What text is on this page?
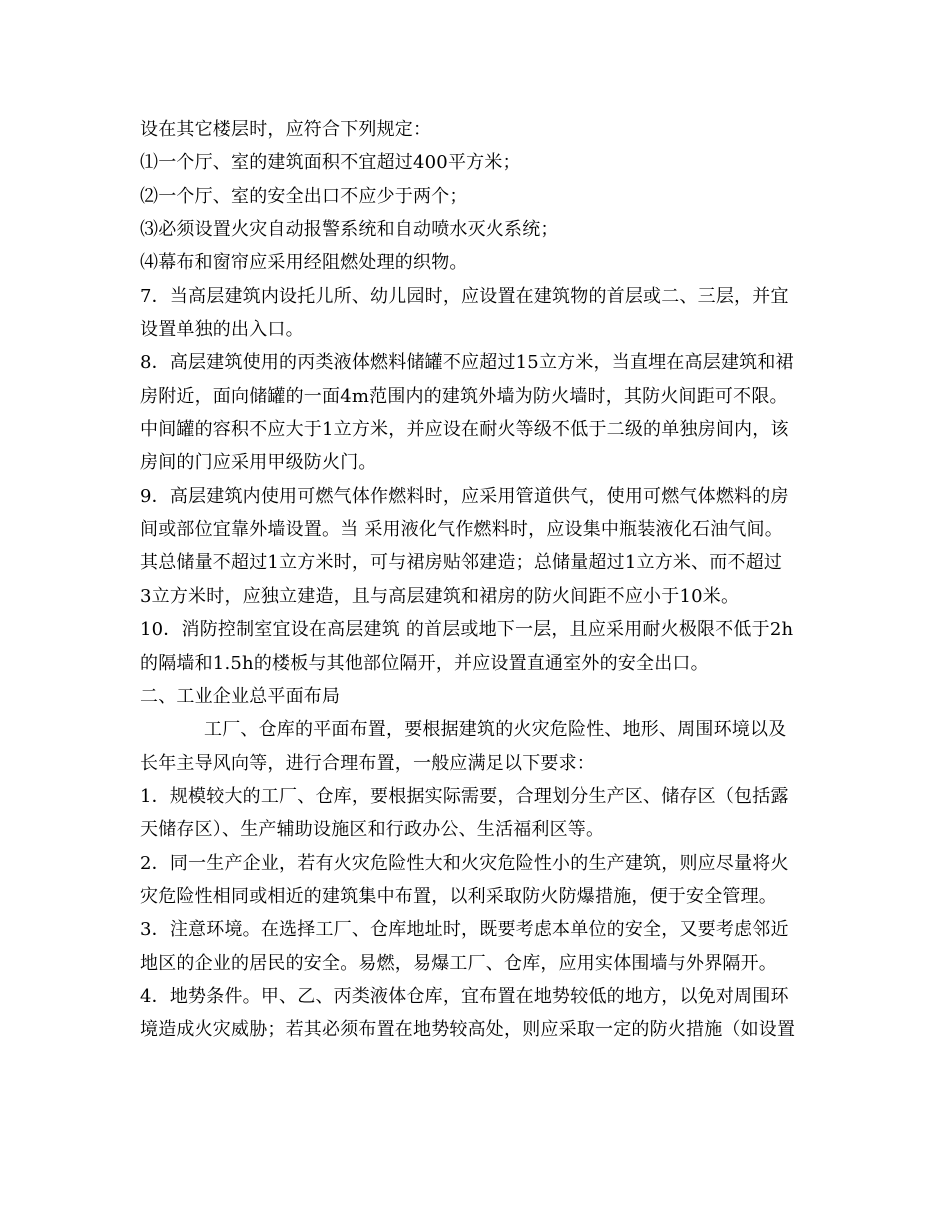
设在其它楼层时，应符合下列规定：
⑴一个厅、室的建筑面积不宜超过400平方米；
⑵一个厅、室的安全出口不应少于两个；
⑶必须设置火灾自动报警系统和自动喷水灭火系统；
⑷幕布和窗帘应采用经阻燃处理的织物。
7．当高层建筑内设托儿所、幼儿园时，应设置在建筑物的首层或二、三层，并宜
设置单独的出入口。
8．高层建筑使用的丙类液体燃料储罐不应超过15立方米，当直埋在高层建筑和裙
房附近，面向储罐的一面4m范围内的建筑外墙为防火墙时，其防火间距可不限。
中间罐的容积不应大于1立方米，并应设在耐火等级不低于二级的单独房间内，该
房间的门应采用甲级防火门。
9．高层建筑内使用可燃气体作燃料时，应采用管道供气，使用可燃气体燃料的房
间或部位宜靠外墙设置。当 采用液化气作燃料时，应设集中瓶装液化石油气间。
其总储量不超过1立方米时，可与裙房贴邻建造；总储量超过1立方米、而不超过
3立方米时，应独立建造，且与高层建筑和裙房的防火间距不应小于10米。
10．消防控制室宜设在高层建筑 的首层或地下一层，且应采用耐火极限不低于2h
的隔墙和1.5h的楼板与其他部位隔开，并应设置直通室外的安全出口。
二、工业企业总平面布局
工厂、仓库的平面布置，要根据建筑的火灾危险性、地形、周围环境以及
长年主导风向等，进行合理布置，一般应满足以下要求：
1．规模较大的工厂、仓库，要根据实际需要，合理划分生产区、储存区（包括露
天储存区）、生产辅助设施区和行政办公、生活福利区等。
2．同一生产企业，若有火灾危险性大和火灾危险性小的生产建筑，则应尽量将火
灾危险性相同或相近的建筑集中布置，以利采取防火防爆措施，便于安全管理。
3．注意环境。在选择工厂、仓库地址时，既要考虑本单位的安全，又要考虑邻近
地区的企业的居民的安全。易燃，易爆工厂、仓库，应用实体围墙与外界隔开。
4．地势条件。甲、乙、丙类液体仓库，宜布置在地势较低的地方，以免对周围环
境造成火灾威胁；若其必须布置在地势较高处，则应采取一定的防火措施（如设置
